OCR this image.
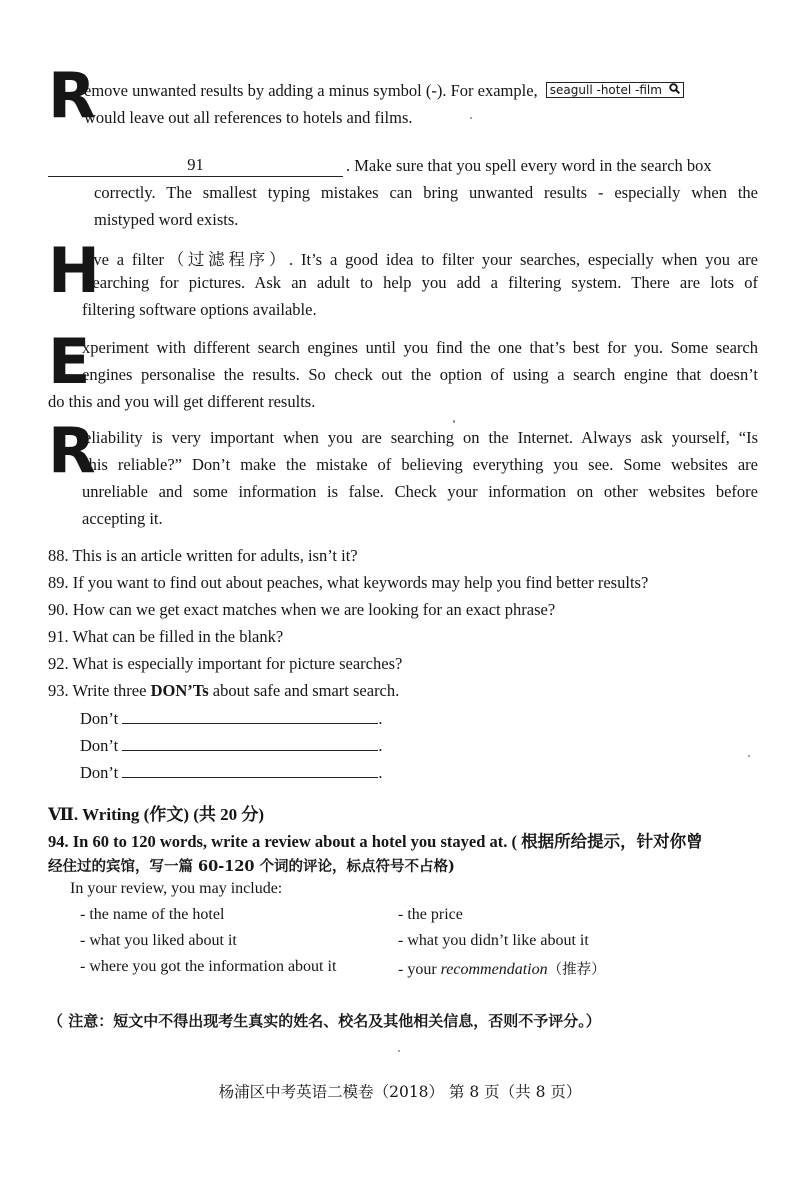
R
emove unwanted results by adding a minus symbol (-). For example, seagull -hotel -film
would leave out all references to hotels and films.
91	. Make sure that you spell every word in the search box
correctly. The smallest typing mistakes can bring unwanted results - especially when the
mistyped word exists.
H
ave a filter（过滤程序）. It’s a good idea to filter your searches, especially when you are
searching for pictures. Ask an adult to help you add a filtering system. There are lots of
filtering software options available.
E
xperiment with different search engines until you find the one that’s best for you. Some search
engines personalise the results. So check out the option of using a search engine that doesn’t
do this and you will get different results.
R
eliability is very important when you are searching on the Internet. Always ask yourself, “Is
this reliable?” Don’t make the mistake of believing everything you see. Some websites are
unreliable and some information is false. Check your information on other websites before
accepting it.
88. This is an article written for adults, isn’t it?
89. If you want to find out about peaches, what keywords may help you find better results?
90. How can we get exact matches when we are looking for an exact phrase?
91. What can be filled in the blank?
92. What is especially important for picture searches?
93. Write three DON’Ts about safe and smart search.
Don’t	.
Don’t	.
Don’t	.
Ⅶ. Writing (作文) (共 20 分)
94. In 60 to 120 words, write a review about a hotel you stayed at. ( 根据所给提示，针对你曾
经住过的宾馆，写一篇 60-120 个词的评论，标点符号不占格)
In your review, you may include:
- the name of the hotel
- what you liked about it
- where you got the information about it
- the price
- what you didn’t like about it
- your recommendation（推荐）
（ 注意：短文中不得出现考生真实的姓名、校名及其他相关信息，否则不予评分。）
杨浦区中考英语二模卷（2018） 第 8 页（共 8 页）
